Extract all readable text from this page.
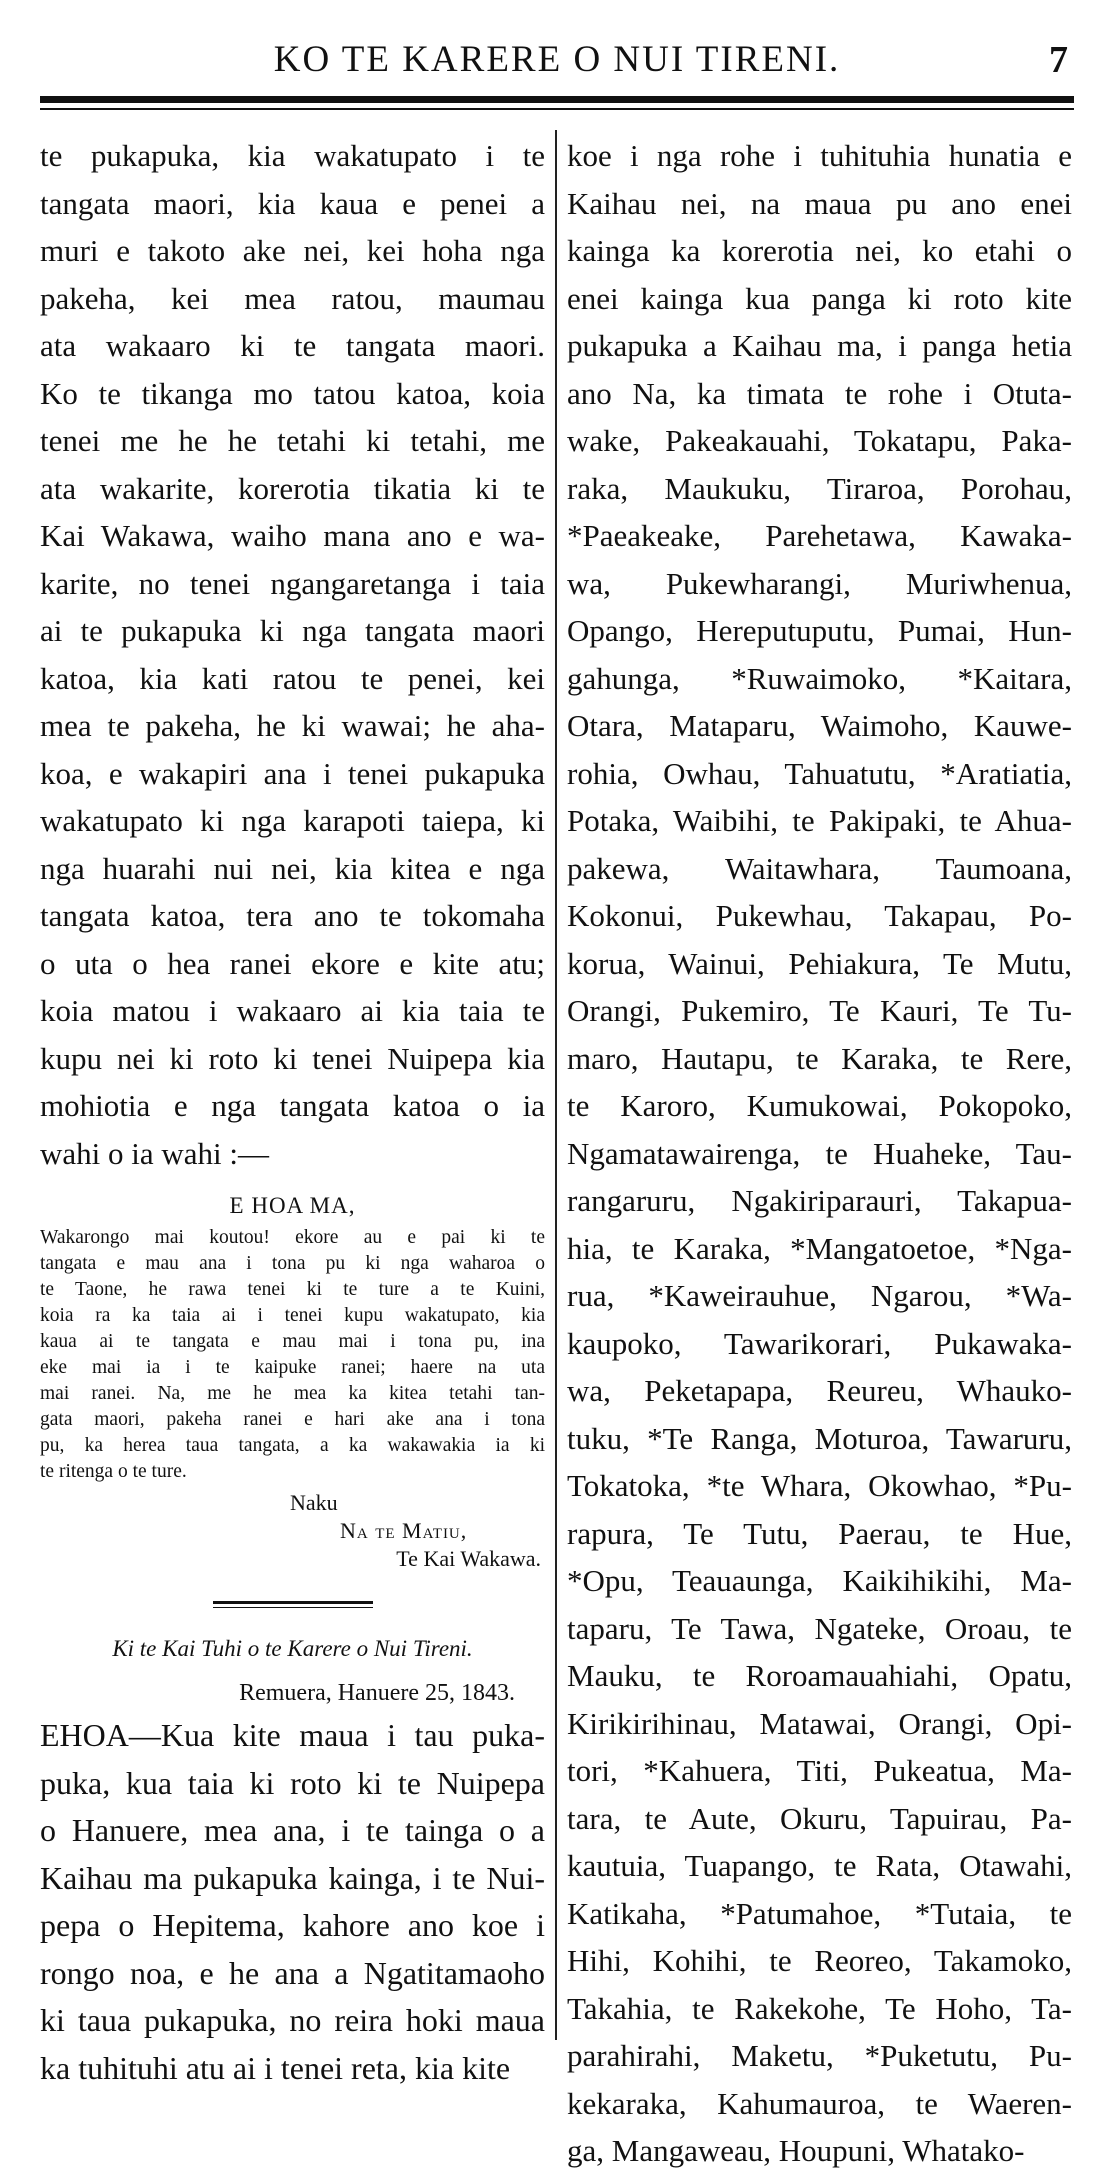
KO TE KARERE O NUI TIRENI.	7
te pukapuka, kia wakatupato i te
tangata maori, kia kaua e penei a
muri e takoto ake nei, kei hoha nga
pakeha, kei mea ratou, maumau
ata wakaaro ki te tangata maori.
Ko te tikanga mo tatou katoa, koia
tenei me he he tetahi ki tetahi, me
ata wakarite, korerotia tikatia ki te
Kai Wakawa, waiho mana ano e wa-
karite, no tenei ngangaretanga i taia
ai te pukapuka ki nga tangata maori
katoa, kia kati ratou te penei, kei
mea te pakeha, he ki wawai; he aha-
koa, e wakapiri ana i tenei pukapuka
wakatupato ki nga karapoti taiepa, ki
nga huarahi nui nei, kia kitea e nga
tangata katoa, tera ano te tokomaha
o uta o hea ranei ekore e kite atu;
koia matou i wakaaro ai kia taia te
kupu nei ki roto ki tenei Nuipepa kia
mohiotia e nga tangata katoa o ia
wahi o ia wahi :—
E HOA MA,
Wakarongo mai koutou! ekore au e pai ki te
tangata e mau ana i tona pu ki nga waharoa o
te Taone, he rawa tenei ki te ture a te Kuini,
koia ra ka taia ai i tenei kupu wakatupato, kia
kaua ai te tangata e mau mai i tona pu, ina
eke mai ia i te kaipuke ranei; haere na uta
mai ranei. Na, me he mea ka kitea tetahi tan-
gata maori, pakeha ranei e hari ake ana i tona
pu, ka herea taua tangata, a ka wakawakia ia ki
te ritenga o te ture.
Naku
Na te Matiu,
Te Kai Wakawa.
Ki te Kai Tuhi o te Karere o Nui Tireni.
Remuera, Hanuere 25, 1843.
EHOA—Kua kite maua i tau puka-
puka, kua taia ki roto ki te Nuipepa
o Hanuere, mea ana, i te tainga o a
Kaihau ma pukapuka kainga, i te Nui-
pepa o Hepitema, kahore ano koe i
rongo noa, e he ana a Ngatitamaoho
ki taua pukapuka, no reira hoki maua
ka tuhituhi atu ai i tenei reta, kia kite
koe i nga rohe i tuhituhia hunatia e
Kaihau nei, na maua pu ano enei
kainga ka korerotia nei, ko etahi o
enei kainga kua panga ki roto kite
pukapuka a Kaihau ma, i panga hetia
ano Na, ka timata te rohe i Otuta-
wake, Pakeakauahi, Tokatapu, Paka-
raka, Maukuku, Tiraroa, Porohau,
*Paeakeake, Parehetawa, Kawaka-
wa, Pukewharangi, Muriwhenua,
Opango, Hereputuputu, Pumai, Hun-
gahunga, *Ruwaimoko, *Kaitara,
Otara, Mataparu, Waimoho, Kauwe-
rohia, Owhau, Tahuatutu, *Aratiatia,
Potaka, Waibihi, te Pakipaki, te Ahua-
pakewa, Waitawhara, Taumoana,
Kokonui, Pukewhau, Takapau, Po-
korua, Wainui, Pehiakura, Te Mutu,
Orangi, Pukemiro, Te Kauri, Te Tu-
maro, Hautapu, te Karaka, te Rere,
te Karoro, Kumukowai, Pokopoko,
Ngamatawairenga, te Huaheke, Tau-
rangaruru, Ngakiriparauri, Takapua-
hia, te Karaka, *Mangatoetoe, *Nga-
rua, *Kaweirauhue, Ngarou, *Wa-
kaupoko, Tawarikorari, Pukawaka-
wa, Peketapapa, Reureu, Whauko-
tuku, *Te Ranga, Moturoa, Tawaruru,
Tokatoka, *te Whara, Okowhao, *Pu-
rapura, Te Tutu, Paerau, te Hue,
*Opu, Teauaunga, Kaikihikihi, Ma-
taparu, Te Tawa, Ngateke, Oroau, te
Mauku, te Roroamauahiahi, Opatu,
Kirikirihinau, Matawai, Orangi, Opi-
tori, *Kahuera, Titi, Pukeatua, Ma-
tara, te Aute, Okuru, Tapuirau, Pa-
kautuia, Tuapango, te Rata, Otawahi,
Katikaha, *Patumahoe, *Tutaia, te
Hihi, Kohihi, te Reoreo, Takamoko,
Takahia, te Rakekohe, Te Hoho, Ta-
parahirahi, Maketu, *Puketutu, Pu-
kekaraka, Kahumauroa, te Waeren-
ga, Mangaweau, Houpuni, Whatako-
